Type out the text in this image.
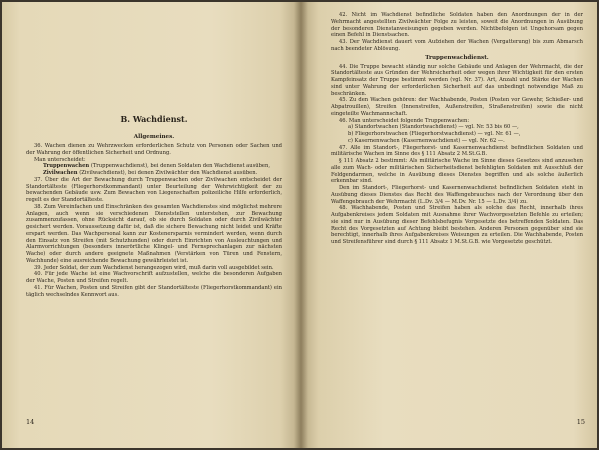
B. Wachdienst.
Allgemeines.

36. Wachen dienen zu Wehrzwecken erforderlichen Schutz von Personen oder Sachen und der Wahrung der öffentlichen Sicherheit und Ordnung.

Man unterscheidet:

Truppenwachen (Truppenwachdienst), bei denen Soldaten den Wachdienst ausüben,
Zivilwachen (Zivilwachdienst), bei denen Zivilwächter den Wachdienst ausüben.

37. Über die Art der Bewachung durch Truppenwachen oder Zivilwachen entscheidet der Standortälteste (Fliegerhorstkommandant) unter Beurteilung der Wehrwichtigkeit der zu bewachenden Gebäude usw. Zum Bewachen von Liegenschaften polizeiliche Hilfe erforderlich, regelt es der Standortälteste.

38. Zum Vereinfachen und Einschränken des gesamten Wachdienstes sind möglichst mehrere Anlagen, auch wenn sie verschiedenen Dienststellen unterstehen, zur Bewachung zusammenzufassen, ohne Rücksicht darauf, ob sie durch Soldaten oder durch Zivilwächter gesichert werden. Voraussetzung dafür ist, daß die sichere Bewachung nicht leidet und Kräfte erspart werden. Das Wachpersonal kann zur Kostenersparnis vermindert werden, wenn durch den Einsatz von Streifen (mit Schutzhunden) oder durch Einrichten von Ausleuchtungen und Alarmvorrichtungen (besonders innerörtliche Klingel- und Fernsprechanlagen zur nächsten Wache) oder durch andere geeignete Maßnahmen (Verstärken von Türen und Fenstern, Wachhunde) eine ausreichende Bewachung gewährleistet ist.

39. Jeder Soldat, der zum Wachdienst herangezogen wird, muß darin voll ausgebildet sein.

40. Für jede Wache ist eine Wachvorschrift aufzustellen, welche die besonderen Aufgaben der Wache, Posten und Streifen regelt.

41. Für Wachen, Posten und Streifen gibt der Standortälteste (Fliegerhorstkommandant) ein täglich wechselndes Kennwort aus.

14

42. Nicht im Wachdienst befindliche Soldaten haben den Anordnungen der in der Wehrmacht angestellten Zivilwächter Folge zu leisten, soweit die Anordnungen in Ausübung der besonderen Dienstanweisungen gegeben werden. Nichtbefolgen ist Ungehorsam gegen einen Befehl in Dienstsachen.

43. Der Wachdienst dauert vom Aufziehen der Wachen (Vergatterung) bis zum Abmarsch nach beendeter Ablösung.

Truppenwachdienst.

44. Die Truppe bewacht ständig nur solche Gebäude und Anlagen der Wehrmacht, die der Standortälteste aus Gründen der Wehrsicherheit oder wegen ihrer Wichtigkeit für den ersten Kampfeinsatz der Truppe bestimmt werden (vgl. Nr. 37). Art, Anzahl und Stärke der Wachen sind unter Wahrung der erforderlichen Sicherheit auf das unbedingt notwendige Maß zu beschränken.

45. Zu den Wachen gehören: der Wachhabende, Posten (Posten vor Gewehr, Schießer- und Abpatrouillen), Streifen (Innenstreifen, Außenstreifen, Straßenstreifen) sowie die nicht eingeteilte Wachmannschaft.

46. Man unterscheidet folgende Truppenwachen:

a) Standortwachen (Standortwachdienst) — vgl. Nr. 53 bis 60 —,
b) Fliegerhorstwachen (Fliegerhorstwachdienst) — vgl. Nr. 61 —,
c) Kasernenwachen (Kasernenwachdienst) — vgl. Nr. 62 —.

47. Alle im Standort-, Fliegerhorst- und Kasernenwachdienst befindlichen Soldaten und militärische Wachen im Sinne des § 111 Absatz 2 M.St.G.B.

§ 111 Absatz 2 bestimmt: Als militärische Wache im Sinne dieses Gesetzes sind anzusehen alle zum Wach- oder militärischen Sicherheitsdienst befehligten Soldaten mit Ausschluß der Feldgendarmen, welche in Ausübung dieses Dienstes begriffen und als solche äußerlich erkennbar sind.

Den im Standort-, Fliegerhorst- und Kasernenwachdienst befindlichen Soldaten steht in Ausübung dieses Dienstes das Recht des Waffengebrauches nach der Verordnung über den Waffengebrauch der Wehrmacht (L.Dv. 3/4 — M.Dv. Nr. 15 — L.Dv. 3/4) zu.

48. Wachhabende, Posten und Streifen haben als solche das Recht, innerhalb ihres Aufgabenkreises jedem Soldaten mit Ausnahme ihrer Wachvorgesetzten Befehle zu erteilen; sie sind nur in Ausübung dieser Befehlsbefugnis Vorgesetzte des betreffenden Soldaten. Das Recht des Vorgesetzten auf Achtung bleibt bestehen. Anderen Personen gegenüber sind sie berechtigt, innerhalb ihres Aufgabenkreises Weisungen zu erteilen. Die Wachhabende, Posten und Streifensführer sind durch § 111 Absatz 1 M.St.G.B. wie Vorgesetzte geschützt.

15
